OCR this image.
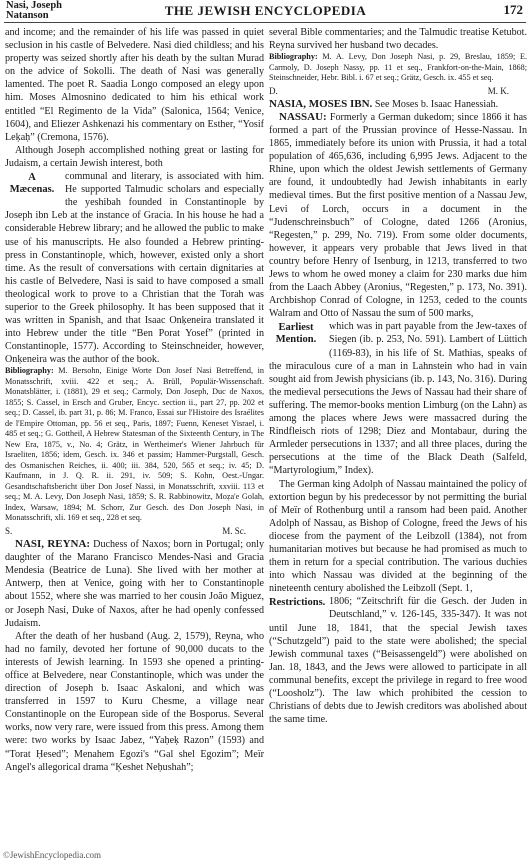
Nasi, Joseph
Natanson	THE JEWISH ENCYCLOPEDIA	172

and income; and the remainder of his life was passed in quiet seclusion in his castle of Belvedere. Nasi died childless; and his property was seized shortly after his death by the sultan Murad on the advice of Sokolli. The death of Nasi was generally lamented. The poet R. Saadia Longo composed an elegy upon him. Moses Almosnino dedicated to him his ethical work entitled “El Regimento de la Vida” (Salonica, 1564; Venice, 1604), and Eliezer Ashkenazi his commentary on Esther, “Yosif Leḳaḥ” (Cremona, 1576).

Although Joseph accomplished nothing great or lasting for Judaism, a certain Jewish interest, both

A Mæcenas.

communal and literary, is associated with him. He supported Talmudic scholars and especially the yeshibah founded in Constantinople by Joseph ibn Leb at the instance of Gracia. In his house he had a considerable Hebrew library; and he allowed the public to make use of his manuscripts. He also founded a Hebrew printing-press in Constantinople, which, however, existed only a short time. As the result of conversations with certain dignitaries at his castle of Belvedere, Nasi is said to have composed a small theological work to prove to a Christian that the Torah was superior to the Greek philosophy. It has been supposed that it was written in Spanish, and that Isaac Onḳeneira translated it into Hebrew under the title “Ben Porat Yosef” (printed in Constantinople, 1577). According to Steinschneider, however, Onḳeneira was the author of the book.

Bibliography: M. Bersohn, Einige Worte Don Josef Nasi Betreffend, in Monatsschrift, xviii. 422 et seq.; A. Brüll, Populär-Wissenschaft. Monatsblätter, i. (1881), 29 et seq.; Carmoly, Don Joseph, Duc de Naxos, 1855; S. Cassel, in Ersch and Gruber, Encyc. section ii., part 27, pp. 202 et seq.; D. Cassel, ib. part 31, p. 86; M. Franco, Essai sur l'Histoire des Israélites de l'Empire Ottoman, pp. 56 et seq., Paris, 1897; Fuenn, Keneset Yisrael, i. 485 et seq.; G. Gottheil, A Hebrew Statesman of the Sixteenth Century, in The New Era, 1875, v., No. 4; Grätz, in Wertheimer's Wiener Jahrbuch für Israeliten, 1856; idem, Gesch. ix. 346 et passim; Hammer-Purgstall, Gesch. des Osmanischen Reiches, ii. 400; iii. 384, 520, 565 et seq.; iv. 45; D. Kaufmann, in J. Q. R. ii. 291, iv. 509; S. Kohn, Oest.-Ungar. Gesandtschaftsbericht über Don Josef Nassi, in Monatsschrift, xxviii. 113 et seq.; M. A. Levy, Don Joseph Nasi, 1859; S. R. Rabbinowitz, Moẓa'e Golah, Index, Warsaw, 1894; M. Schorr, Zur Gesch. des Don Joseph Nasi, in Monatsschrift, xli. 169 et seq., 228 et seq.

S.	M. Sc.

NASI, REYNA: Duchess of Naxos; born in Portugal; only daughter of the Marano Francisco Mendes-Nasi and Gracia Mendesia (Beatrice de Luna). She lived with her mother at Antwerp, then at Venice, going with her to Constantinople about 1552, where she was married to her cousin João Miguez, or Joseph Nasi, Duke of Naxos, after he had openly confessed Judaism.

After the death of her husband (Aug. 2, 1579), Reyna, who had no family, devoted her fortune of 90,000 ducats to the interests of Jewish learning. In 1593 she opened a printing-office at Belvedere, near Constantinople, which was under the direction of Joseph b. Isaac Askaloni, and which was transferred in 1597 to Kuru Chesme, a village near Constantinople on the European side of the Bosporus. Several works, now very rare, were issued from this press. Among them were: two works by Isaac Jabez, “Yaḥeḳ Razon” (1593) and “Torat Ḥesed”; Menahem Egozi's “Gal shel Egozim”; Meïr Angel's allegorical drama “Ḳeshet Neḥushah”;

several Bible commentaries; and the Talmudic treatise Ketubot. Reyna survived her husband two decades.

Bibliography: M. A. Levy, Don Joseph Nasi, p. 29, Breslau, 1859; E. Carmoly, D. Joseph Nassy, pp. 11 et seq., Frankfort-on-the-Main, 1868; Steinschneider, Hebr. Bibl. i. 67 et seq.; Grätz, Gesch. ix. 455 et seq.

D.	M. K.

NASIA, MOSES IBN. See Moses b. Isaac Hanessiah.

NASSAU: Formerly a German dukedom; since 1866 it has formed a part of the Prussian province of Hesse-Nassau. In 1865, immediately before its union with Prussia, it had a total population of 465,636, including 6,995 Jews. Adjacent to the Rhine, upon which the oldest Jewish settlements of Germany are found, it undoubtedly had Jewish inhabitants in early medieval times. But the first positive mention of a Nassau Jew, Levi of Lorch, occurs in a document in the “Judenschreinsbuch” of Cologne, dated 1266 (Aronius, “Regesten,” p. 299, No. 719). From some older documents, however, it appears very probable that Jews lived in that country before Henry of Isenburg, in 1213, transferred to two Jews to whom he owed money a claim for 230 marks due him from the Laach Abbey (Aronius, “Regesten,” p. 173, No. 391). Archbishop Conrad of Cologne, in 1253, ceded to the counts Walram and Otto of Nassau the sum of 500 marks,

Earliest Mention.

which was in part payable from the Jew-taxes of Siegen (ib. p. 253, No. 591). Lambert of Lüttich (1169-83), in his life of St. Mathias, speaks of the miraculous cure of a man in Lahnstein who had in vain sought aid from Jewish physicians (ib. p. 143, No. 316). During the medieval persecutions the Jews of Nassau had their share of suffering. The memor-books mention Limburg (on the Lahn) as among the places where Jews were massacred during the Rindfleisch riots of 1298; Diez and Montabaur, during the Armleder persecutions in 1337; and all three places, during the persecutions at the time of the Black Death (Salfeld, “Martyrologium,” Index).

The German king Adolph of Nassau maintained the policy of extortion begun by his predecessor by not permitting the burial of Meïr of Rothenburg until a ransom had been paid. Another Adolph of Nassau, as Bishop of Cologne, freed the Jews of his diocese from the payment of the Leibzoll (1384), not from humanitarian motives but because he had promised as much to them in return for a special contribution. The various duchies into which Nassau was divided at the beginning of the nineteenth century abolished the Leibzoll (Sept. 1,

Restrictions. 1806; “Zeitschrift für die Gesch. der Juden in Deutschland,” v. 126-145, 335-347). It was not until June 18, 1841, that the special Jewish taxes (“Schutzgeld”) paid to the state were abolished; the special Jewish communal taxes (“Beisassengeld”) were abolished on Jan. 18, 1843, and the Jews were allowed to participate in all communal benefits, except the privilege in regard to free wood (“Loosholz”). The law which prohibited the cession to Christians of debts due to Jewish creditors was abolished about the same time.

©JewishEncyclopedia.com
